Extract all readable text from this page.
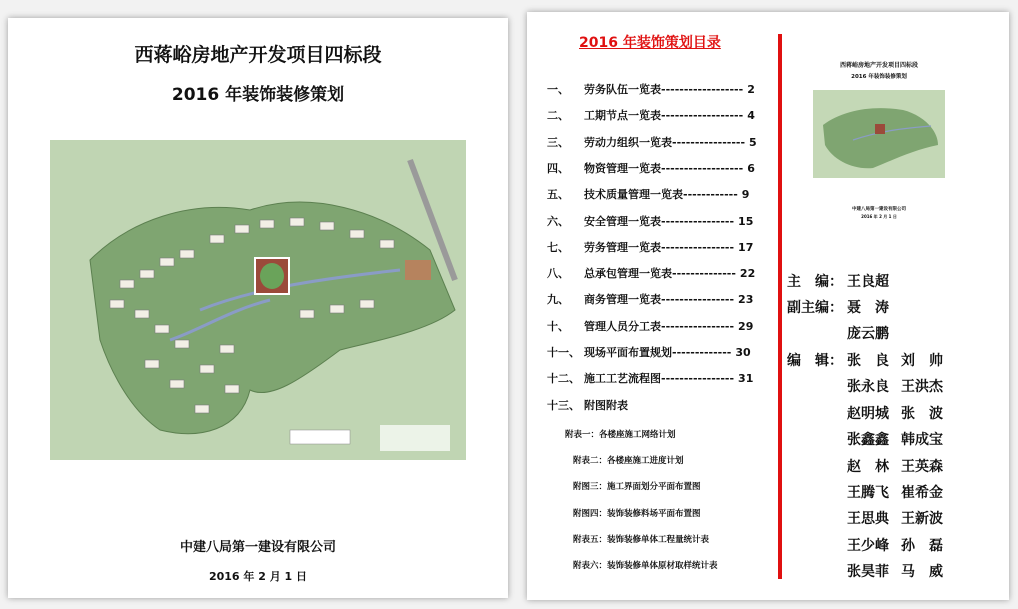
西蒋峪房地产开发项目四标段
2016 年装饰装修策划
中建八局第一建设有限公司
2016 年 2 月 1 日
2016 年装饰策划目录
一、 劳务队伍一览表------------------ 2
二、 工期节点一览表------------------ 4
三、 劳动力组织一览表---------------- 5
四、 物资管理一览表------------------ 6
五、 技术质量管理一览表------------ 9
六、 安全管理一览表---------------- 15
七、 劳务管理一览表---------------- 17
八、 总承包管理一览表-------------- 22
九、 商务管理一览表---------------- 23
十、 管理人员分工表---------------- 29
十一、 现场平面布置规划------------- 30
十二、 施工工艺流程图---------------- 31
十三、 附图附表
附表一：各楼座施工网络计划
附表二：各楼座施工进度计划
附图三：施工界面划分平面布置图
附图四：装饰装修料场平面布置图
附表五：装饰装修单体工程量统计表
附表六：装饰装修单体原材取样统计表
西蒋峪房地产开发项目四标段
2016 年装饰装修策划
中建八局第一建设有限公司
2016 年 2 月 1 日
主　编： 王良超
副主编： 聂　涛
庞云鹏
编　辑： 张　良 刘　帅
张永良 王洪杰
赵明城 张　波
张鑫鑫 韩成宝
赵　林 王英森
王腾飞 崔希金
王思典 王新波
王少峰 孙　磊
张昊菲 马　威
